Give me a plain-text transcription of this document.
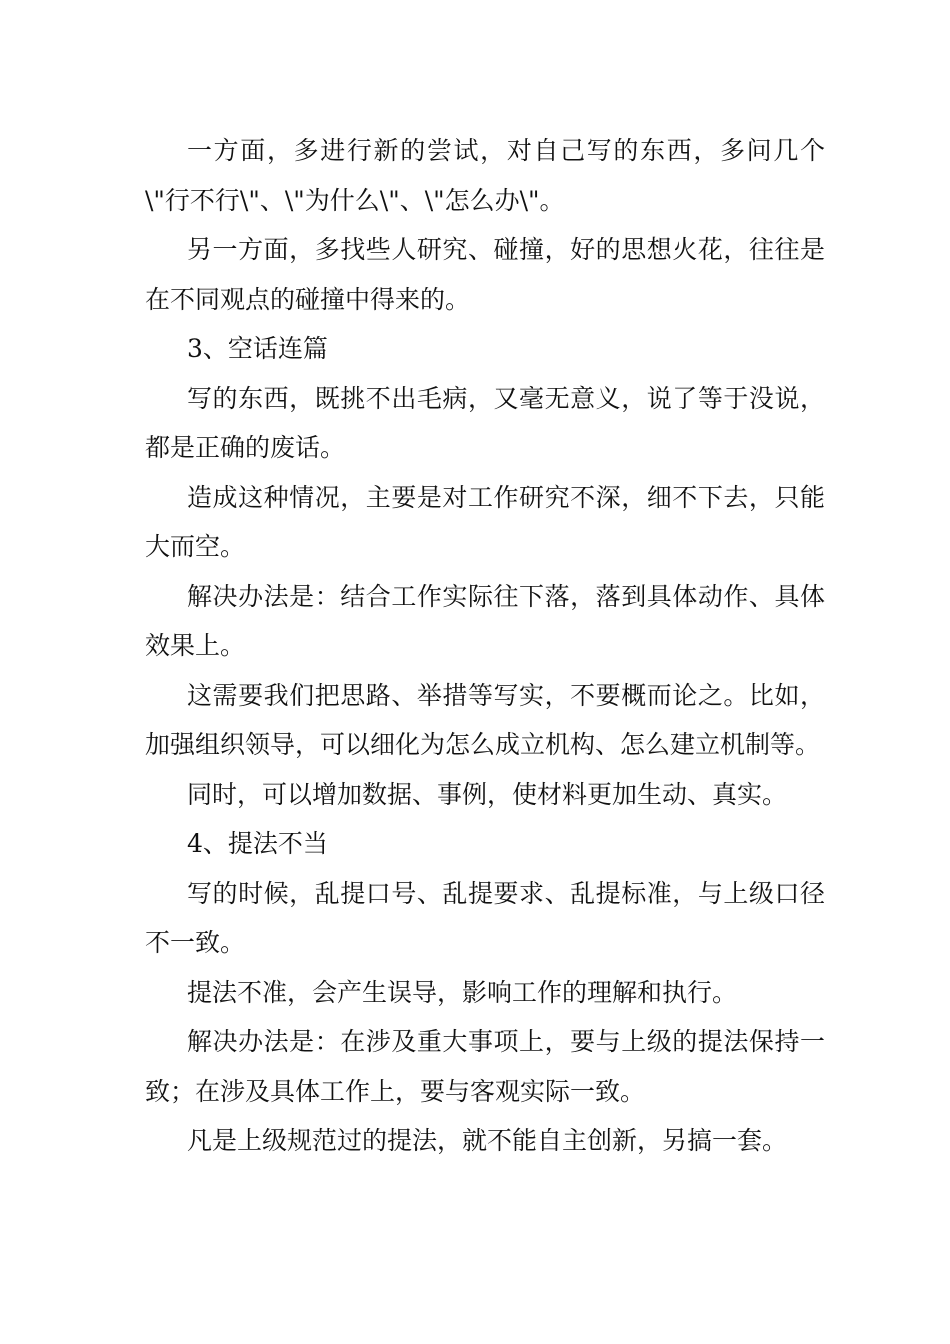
一方面，多进行新的尝试，对自己写的东西，多问几个\"行不行\"、\"为什么\"、\"怎么办\"。

另一方面，多找些人研究、碰撞，好的思想火花，往往是在不同观点的碰撞中得来的。

3、空话连篇

写的东西，既挑不出毛病，又毫无意义，说了等于没说，都是正确的废话。

造成这种情况，主要是对工作研究不深，细不下去，只能大而空。

解决办法是：结合工作实际往下落，落到具体动作、具体效果上。

这需要我们把思路、举措等写实，不要概而论之。比如，加强组织领导，可以细化为怎么成立机构、怎么建立机制等。

同时，可以增加数据、事例，使材料更加生动、真实。

4、提法不当

写的时候，乱提口号、乱提要求、乱提标准，与上级口径不一致。

提法不准，会产生误导，影响工作的理解和执行。

解决办法是：在涉及重大事项上，要与上级的提法保持一致；在涉及具体工作上，要与客观实际一致。

凡是上级规范过的提法，就不能自主创新，另搞一套。
